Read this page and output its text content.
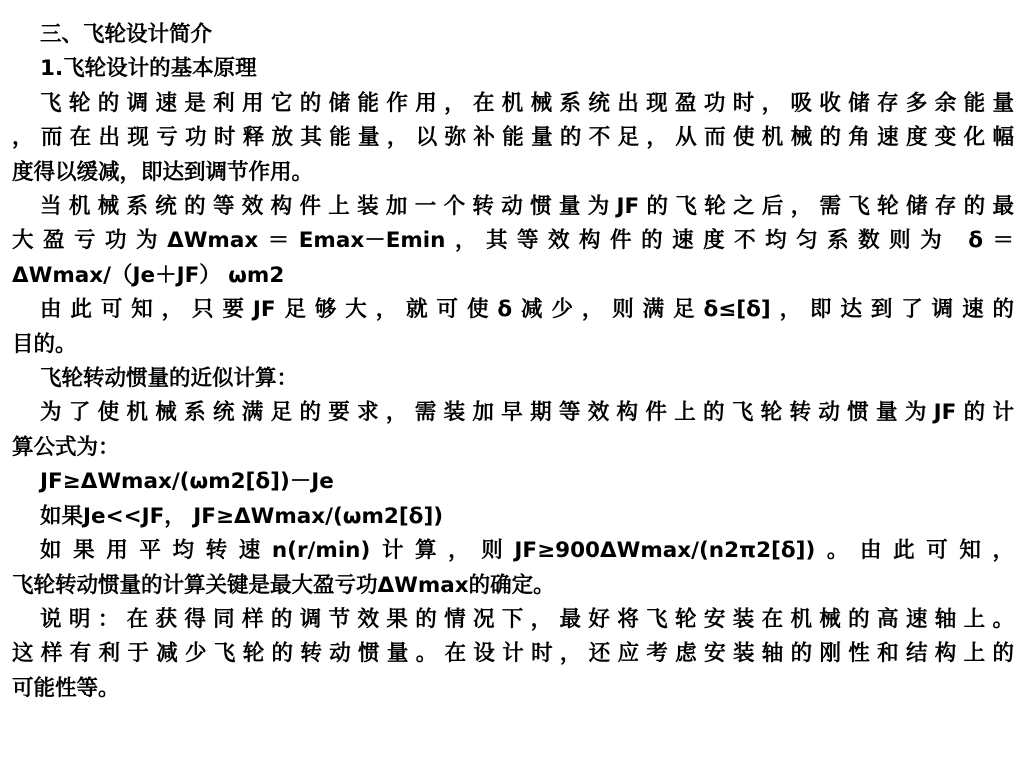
三、飞轮设计简介
1.飞轮设计的基本原理
飞轮的调速是利用它的储能作用，在机械系统出现盈功时，吸收储存多余能量
，而在出现亏功时释放其能量，以弥补能量的不足，从而使机械的角速度变化幅
度得以缓减，即达到调节作用。
当机械系统的等效构件上装加一个转动惯量为JF的飞轮之后，需飞轮储存的最
大盈亏功为ΔWmax＝Emax－Emin，其等效构件的速度不均匀系数则为 δ＝
ΔWmax/（Je＋JF） ωm2
由此可知，只要JF足够大，就可使δ减少，则满足δ≤[δ]，即达到了调速的
目的。
飞轮转动惯量的近似计算：
为了使机械系统满足的要求，需装加早期等效构件上的飞轮转动惯量为JF的计
算公式为：
JF≥ΔWmax/(ωm2[δ])－Je
如果Je<<JF， JF≥ΔWmax/(ωm2[δ])
如果用平均转速n(r/min)计算，则JF≥900ΔWmax/(n2π2[δ])。由此可知，
飞轮转动惯量的计算关键是最大盈亏功ΔWmax的确定。
说明：在获得同样的调节效果的情况下，最好将飞轮安装在机械的高速轴上。
这样有利于减少飞轮的转动惯量。在设计时，还应考虑安装轴的刚性和结构上的
可能性等。
